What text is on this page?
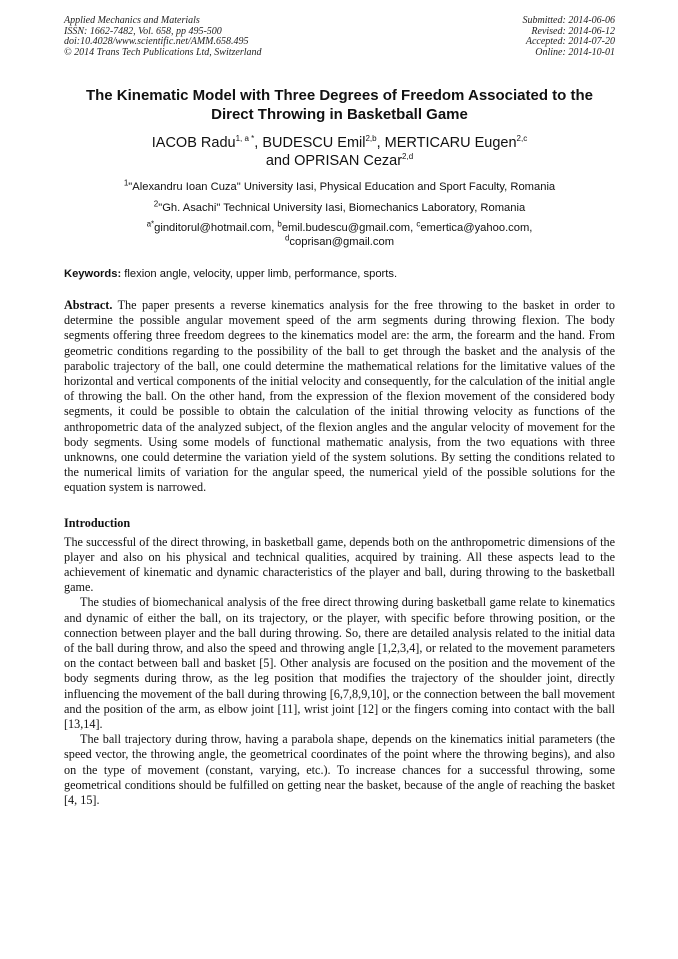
Applied Mechanics and Materials
ISSN: 1662-7482, Vol. 658, pp 495-500
doi:10.4028/www.scientific.net/AMM.658.495
© 2014 Trans Tech Publications Ltd, Switzerland
Submitted: 2014-06-06
Revised: 2014-06-12
Accepted: 2014-07-20
Online: 2014-10-01
The Kinematic Model with Three Degrees of Freedom Associated to the Direct Throwing in Basketball Game
IACOB Radu$^{1, a *}$, BUDESCU Emil$^{2,b}$, MERTICARU Eugen$^{2,c}$
and OPRISAN Cezar$^{2,d}$
$^1$"Alexandru Ioan Cuza" University Iasi, Physical Education and Sport Faculty, Romania
$^2$"Gh. Asachi" Technical University Iasi, Biomechanics Laboratory, Romania
$^{a*}$ginditorul@hotmail.com, $^b$emil.budescu@gmail.com, $^c$emertica@yahoo.com,
$^d$coprisan@gmail.com
Keywords: flexion angle, velocity, upper limb, performance, sports.
Abstract. The paper presents a reverse kinematics analysis for the free throwing to the basket in order to determine the possible angular movement speed of the arm segments during throwing flexion. The body segments offering three freedom degrees to the kinematics model are: the arm, the forearm and the hand. From geometric conditions regarding to the possibility of the ball to get through the basket and the analysis of the parabolic trajectory of the ball, one could determine the mathematical relations for the limitative values of the horizontal and vertical components of the initial velocity and consequently, for the calculation of the initial angle of throwing the ball. On the other hand, from the expression of the flexion movement of the considered body segments, it could be possible to obtain the calculation of the initial throwing velocity as functions of the anthropometric data of the analyzed subject, of the flexion angles and the angular velocity of movement for the body segments. Using some models of functional mathematic analysis, from the two equations with three unknowns, one could determine the variation yield of the system solutions. By setting the conditions related to the numerical limits of variation for the angular speed, the numerical yield of the possible solutions for the equation system is narrowed.
Introduction

The successful of the direct throwing, in basketball game, depends both on the anthropometric dimensions of the player and also on his physical and technical qualities, acquired by training. All these aspects lead to the achievement of kinematic and dynamic characteristics of the player and ball, during throwing to the basketball game.

The studies of biomechanical analysis of the free direct throwing during basketball game relate to kinematics and dynamic of either the ball, on its trajectory, or the player, with specific before throwing position, or the connection between player and the ball during throwing. So, there are detailed analysis related to the initial data of the ball during throw, and also the speed and throwing angle [1,2,3,4], or related to the movement parameters on the contact between ball and basket [5]. Other analysis are focused on the position and the movement of the body segments during throw, as the leg position that modifies the trajectory of the shoulder joint, directly influencing the movement of the ball during throwing [6,7,8,9,10], or the connection between the ball movement and the position of the arm, as elbow joint [11], wrist joint [12] or the fingers coming into contact with the ball [13,14].

The ball trajectory during throw, having a parabola shape, depends on the kinematics initial parameters (the speed vector, the throwing angle, the geometrical coordinates of the point where the throwing begins), and also on the type of movement (constant, varying, etc.). To increase chances for a successful throwing, some geometrical conditions should be fulfilled on getting near the basket, because of the angle of reaching the basket [4, 15].
